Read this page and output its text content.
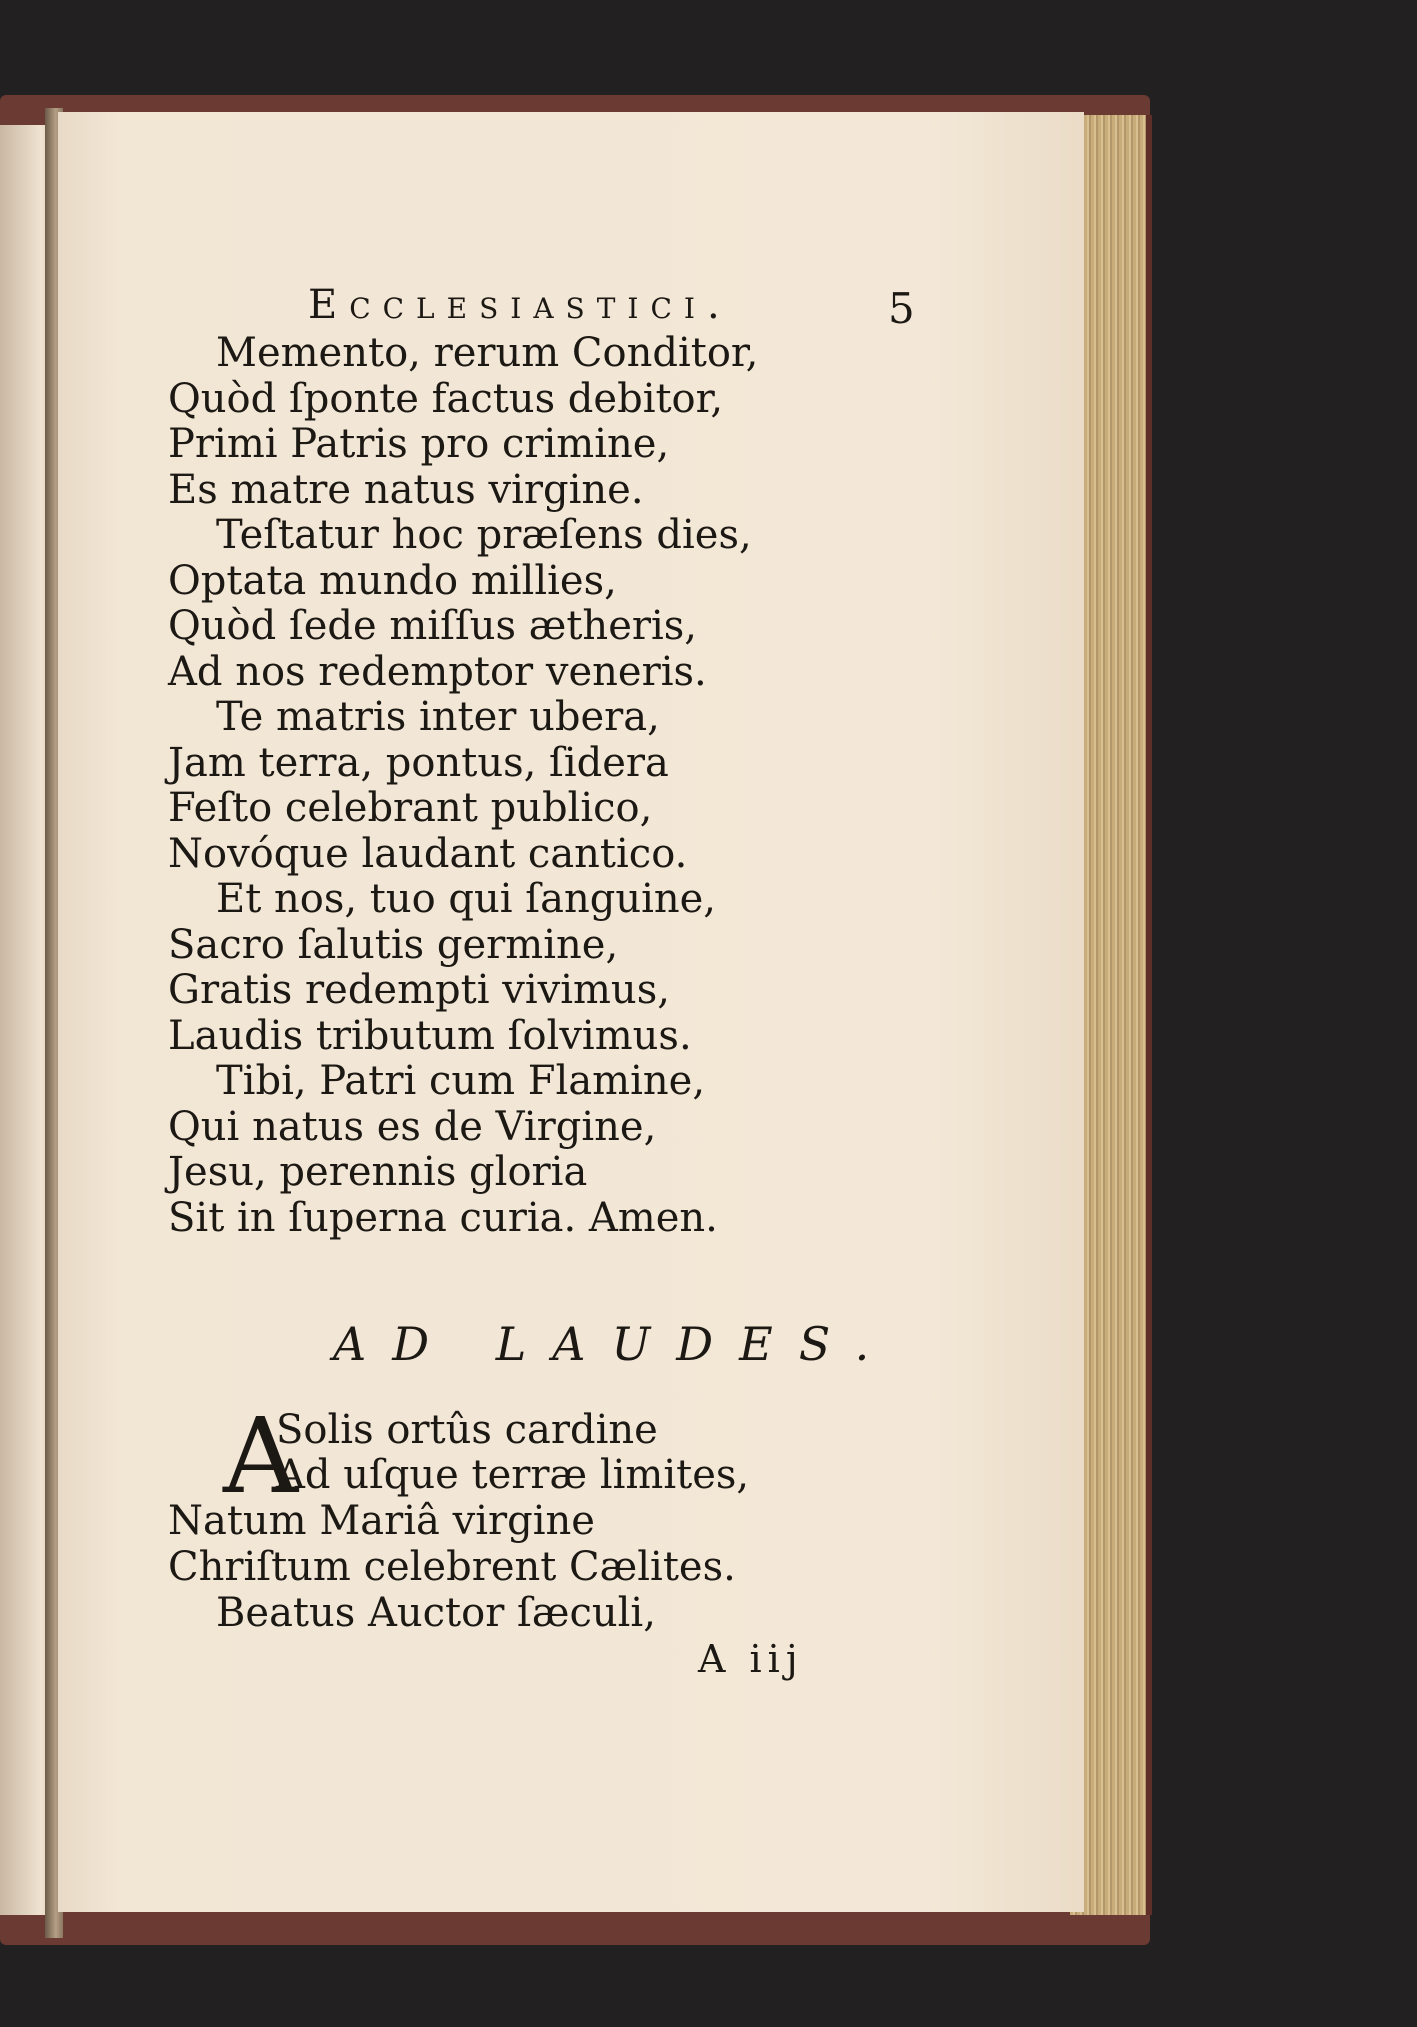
Ecclesiastici.	5
Memento, rerum Conditor,
Quòd ſponte factus debitor,
Primi Patris pro crimine,
Es matre natus virgine.
Teſtatur hoc præſens dies,
Optata mundo millies,
Quòd ſede miſſus ætheris,
Ad nos redemptor veneris.
Te matris inter ubera,
Jam terra, pontus, ſidera
Feſto celebrant publico,
Novóque laudant cantico.
Et nos, tuo qui ſanguine,
Sacro ſalutis germine,
Gratis redempti vivimus,
Laudis tributum ſolvimus.
Tibi, Patri cum Flamine,
Qui natus es de Virgine,
Jesu, perennis gloria
Sit in ſuperna curia. Amen.
AD LAUDES.
A
Solis ortûs cardine
Ad uſque terræ limites,
Natum Mariâ virgine
Chriſtum celebrent Cælites.
Beatus Auctor ſæculi,
A iij
